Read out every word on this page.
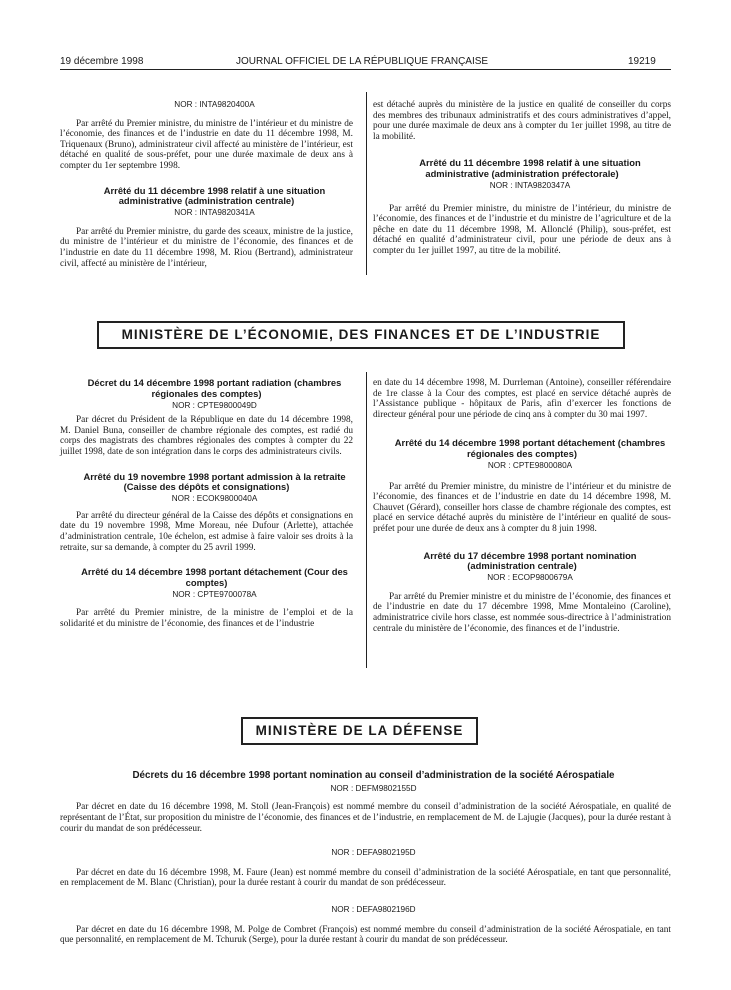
19 décembre 1998	JOURNAL OFFICIEL DE LA RÉPUBLIQUE FRANÇAISE	19219

NOR : INTA9820400A

Par arrêté du Premier ministre, du ministre de l’intérieur et du ministre de l’économie, des finances et de l’industrie en date du 11 décembre 1998, M. Triquenaux (Bruno), administrateur civil affecté au ministère de l’intérieur, est détaché en qualité de sous-préfet, pour une durée maximale de deux ans à compter du 1er septembre 1998.

Arrêté du 11 décembre 1998 relatif à une situation administrative (administration centrale)

NOR : INTA9820341A

Par arrêté du Premier ministre, du garde des sceaux, ministre de la justice, du ministre de l’intérieur et du ministre de l’économie, des finances et de l’industrie en date du 11 décembre 1998, M. Riou (Bertrand), administrateur civil, affecté au ministère de l’intérieur,

est détaché auprès du ministère de la justice en qualité de conseiller du corps des membres des tribunaux administratifs et des cours administratives d’appel, pour une durée maximale de deux ans à compter du 1er juillet 1998, au titre de la mobilité.

Arrêté du 11 décembre 1998 relatif à une situation administrative (administration préfectorale)

NOR : INTA9820347A

Par arrêté du Premier ministre, du ministre de l’intérieur, du ministre de l’économie, des finances et de l’industrie et du ministre de l’agriculture et de la pêche en date du 11 décembre 1998, M. Allonclé (Philip), sous-préfet, est détaché en qualité d’administrateur civil, pour une période de deux ans à compter du 1er juillet 1997, au titre de la mobilité.

MINISTÈRE DE L’ÉCONOMIE, DES FINANCES ET DE L’INDUSTRIE

Décret du 14 décembre 1998 portant radiation (chambres régionales des comptes)

NOR : CPTE9800049D

Par décret du Président de la République en date du 14 décembre 1998, M. Daniel Buna, conseiller de chambre régionale des comptes, est radié du corps des magistrats des chambres régionales des comptes à compter du 22 juillet 1998, date de son intégration dans le corps des administrateurs civils.

Arrêté du 19 novembre 1998 portant admission à la retraite (Caisse des dépôts et consignations)

NOR : ECOK9800040A

Par arrêté du directeur général de la Caisse des dépôts et consignations en date du 19 novembre 1998, Mme Moreau, née Dufour (Arlette), attachée d’administration centrale, 10e échelon, est admise à faire valoir ses droits à la retraite, sur sa demande, à compter du 25 avril 1999.

Arrêté du 14 décembre 1998 portant détachement (Cour des comptes)

NOR : CPTE9700078A

Par arrêté du Premier ministre, de la ministre de l’emploi et de la solidarité et du ministre de l’économie, des finances et de l’industrie

en date du 14 décembre 1998, M. Durrleman (Antoine), conseiller référendaire de 1re classe à la Cour des comptes, est placé en service détaché auprès de l’Assistance publique - hôpitaux de Paris, afin d’exercer les fonctions de directeur général pour une période de cinq ans à compter du 30 mai 1997.

Arrêté du 14 décembre 1998 portant détachement (chambres régionales des comptes)

NOR : CPTE9800080A

Par arrêté du Premier ministre, du ministre de l’intérieur et du ministre de l’économie, des finances et de l’industrie en date du 14 décembre 1998, M. Chauvet (Gérard), conseiller hors classe de chambre régionale des comptes, est placé en service détaché auprès du ministère de l’intérieur en qualité de sous-préfet pour une durée de deux ans à compter du 8 juin 1998.

Arrêté du 17 décembre 1998 portant nomination (administration centrale)

NOR : ECOP9800679A

Par arrêté du Premier ministre et du ministre de l’économie, des finances et de l’industrie en date du 17 décembre 1998, Mme Montaleino (Caroline), administratrice civile hors classe, est nommée sous-directrice à l’administration centrale du ministère de l’économie, des finances et de l’industrie.

MINISTÈRE DE LA DÉFENSE

Décrets du 16 décembre 1998 portant nomination au conseil d’administration de la société Aérospatiale

NOR : DEFM9802155D

Par décret en date du 16 décembre 1998, M. Stoll (Jean-François) est nommé membre du conseil d’administration de la société Aérospatiale, en qualité de représentant de l’État, sur proposition du ministre de l’économie, des finances et de l’industrie, en remplacement de M. de Lajugie (Jacques), pour la durée restant à courir du mandat de son prédécesseur.

NOR : DEFA9802195D

Par décret en date du 16 décembre 1998, M. Faure (Jean) est nommé membre du conseil d’administration de la société Aérospatiale, en tant que personnalité, en remplacement de M. Blanc (Christian), pour la durée restant à courir du mandat de son prédécesseur.

NOR : DEFA9802196D

Par décret en date du 16 décembre 1998, M. Polge de Combret (François) est nommé membre du conseil d’administration de la société Aérospatiale, en tant que personnalité, en remplacement de M. Tchuruk (Serge), pour la durée restant à courir du mandat de son prédécesseur.
